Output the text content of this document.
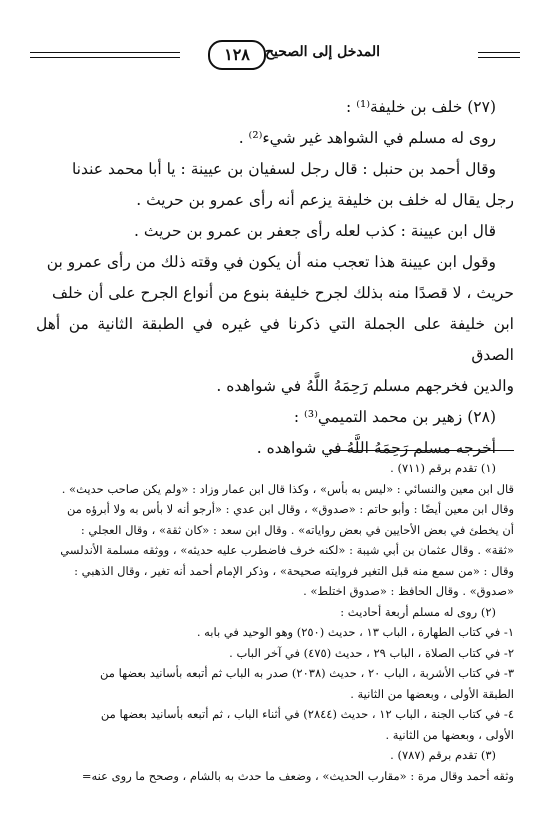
١٢٨	المدخل إلى الصحيح

(٢٧) خلف بن خليفة⁽¹⁾ :

روى له مسلم في الشواهد غير شيء⁽²⁾ .

وقال أحمد بن حنبل : قال رجل لسفيان بن عيينة : يا أبا محمد عندنا

رجل يقال له خلف بن خليفة يزعم أنه رأى عمرو بن حريث .

قال ابن عيينة : كذب لعله رأى جعفر بن عمرو بن حريث .

وقول ابن عيينة هذا تعجب منه أن يكون في وقته ذلك من رأى عمرو بن

حريث ، لا قصدًا منه بذلك لجرح خليفة بنوع من أنواع الجرح على أن خلف

ابن خليفة على الجملة التي ذكرنا في غيره في الطبقة الثانية من أهل الصدق

والدين فخرجهم مسلم رَحِمَهُ اللَّهُ في شواهده .

(٢٨) زهير بن محمد التميمي⁽³⁾ :

أخرجه مسلم رَحِمَهُ اللَّهُ في شواهده .

(١) تقدم برقم (٧١١) .

قال ابن معين والنسائي : «ليس به بأس» ، وكذا قال ابن عمار وزاد : «ولم يكن صاحب حديث» .

وقال ابن معين أيضًا : وأبو حاتم : «صدوق» ، وقال ابن عدي : «أرجو أنه لا بأس به ولا أبرؤه من

أن يخطئ في بعض الأحايين في بعض رواياته» . وقال ابن سعد : «كان ثقة» ، وقال العجلي :

«ثقة» . وقال عثمان بن أبي شيبة : «لكنه خرف فاضطرب عليه حديثه» ، ووثقه مسلمة الأندلسي

وقال : «من سمع منه قبل التغير فروايته صحيحة» ، وذكر الإمام أحمد أنه تغير ، وقال الذهبي :

«صدوق» . وقال الحافظ : «صدوق اختلط» .

(٢) روى له مسلم أربعة أحاديث :

١- في كتاب الطهارة ، الباب ١٣ ، حديث (٢٥٠) وهو الوحيد في بابه .

٢- في كتاب الصلاة ، الباب ٢٩ ، حديث (٤٧٥) في آخر الباب .

٣- في كتاب الأشربة ، الباب ٢٠ ، حديث (٢٠٣٨) صدر به الباب ثم أتبعه بأسانيد بعضها من

الطبقة الأولى ، وبعضها من الثانية .

٤- في كتاب الجنة ، الباب ١٢ ، حديث (٢٨٤٤) في أثناء الباب ، ثم أتبعه بأسانيد بعضها من

الأولى ، وبعضها من الثانية .

(٣) تقدم برقم (٧٨٧) .

وثقه أحمد وقال مرة : «مقارب الحديث» ، وضعف ما حدث به بالشام ، وصحح ما روى عنه=
